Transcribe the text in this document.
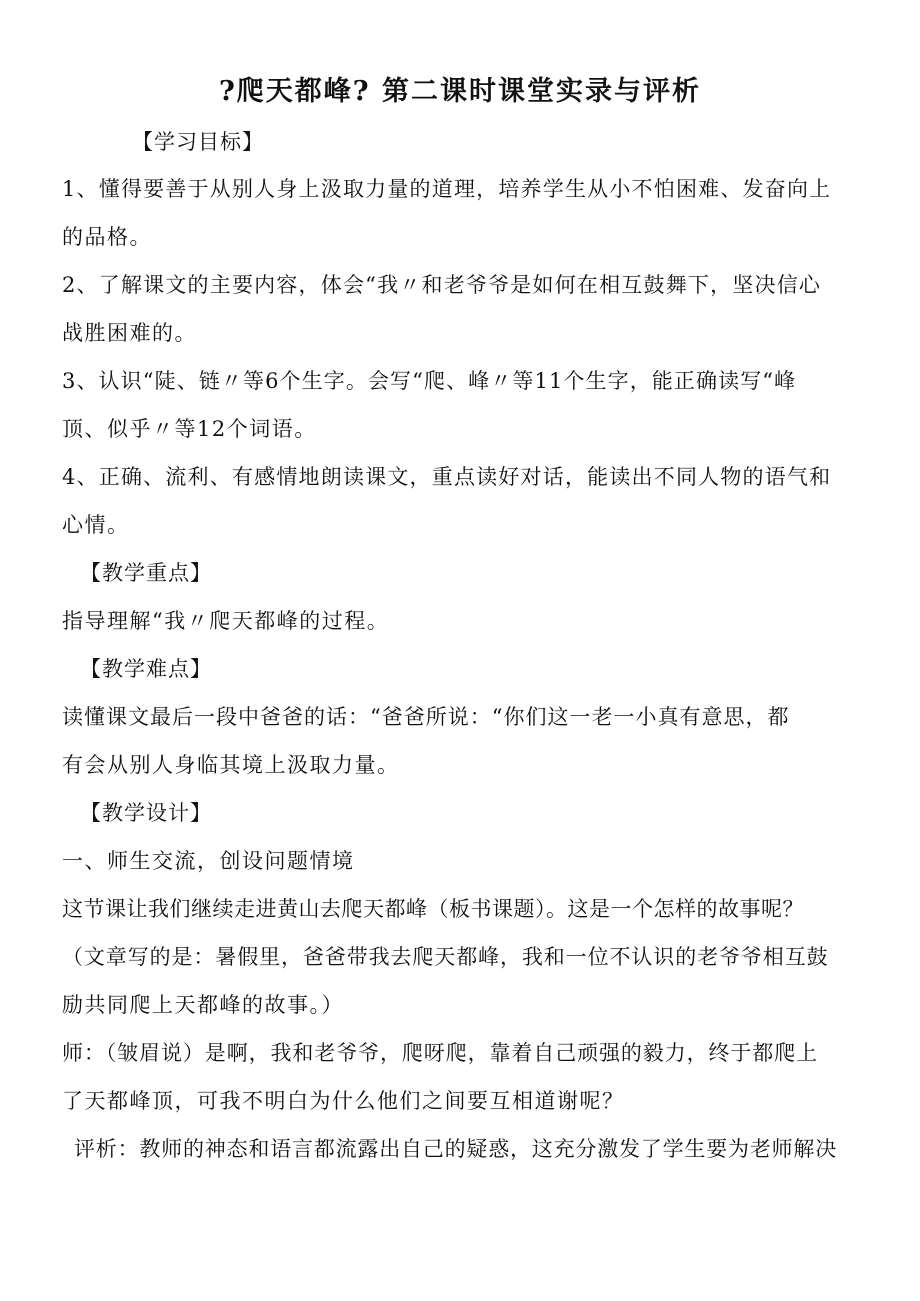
?爬天都峰? 第二课时课堂实录与评析
【学习目标】
1、懂得要善于从别人身上汲取力量的道理，培养学生从小不怕困难、发奋向上
的品格。
2、了解课文的主要内容，体会“我〃和老爷爷是如何在相互鼓舞下，坚决信心
战胜困难的。
3、认识“陡、链〃等6个生字。会写“爬、峰〃等11个生字，能正确读写“峰
顶、似乎〃等12个词语。
4、正确、流利、有感情地朗读课文，重点读好对话，能读出不同人物的语气和
心情。
【教学重点】
指导理解“我〃爬天都峰的过程。
【教学难点】
读懂课文最后一段中爸爸的话：“爸爸所说：“你们这一老一小真有意思，都
有会从别人身临其境上汲取力量。
【教学设计】
一、师生交流，创设问题情境
这节课让我们继续走进黄山去爬天都峰（板书课题）。这是一个怎样的故事呢？
（文章写的是：暑假里，爸爸带我去爬天都峰，我和一位不认识的老爷爷相互鼓
励共同爬上天都峰的故事。）
师：（皱眉说）是啊，我和老爷爷，爬呀爬，靠着自己顽强的毅力，终于都爬上
了天都峰顶，可我不明白为什么他们之间要互相道谢呢？
评析：教师的神态和语言都流露出自己的疑惑，这充分激发了学生要为老师解决
